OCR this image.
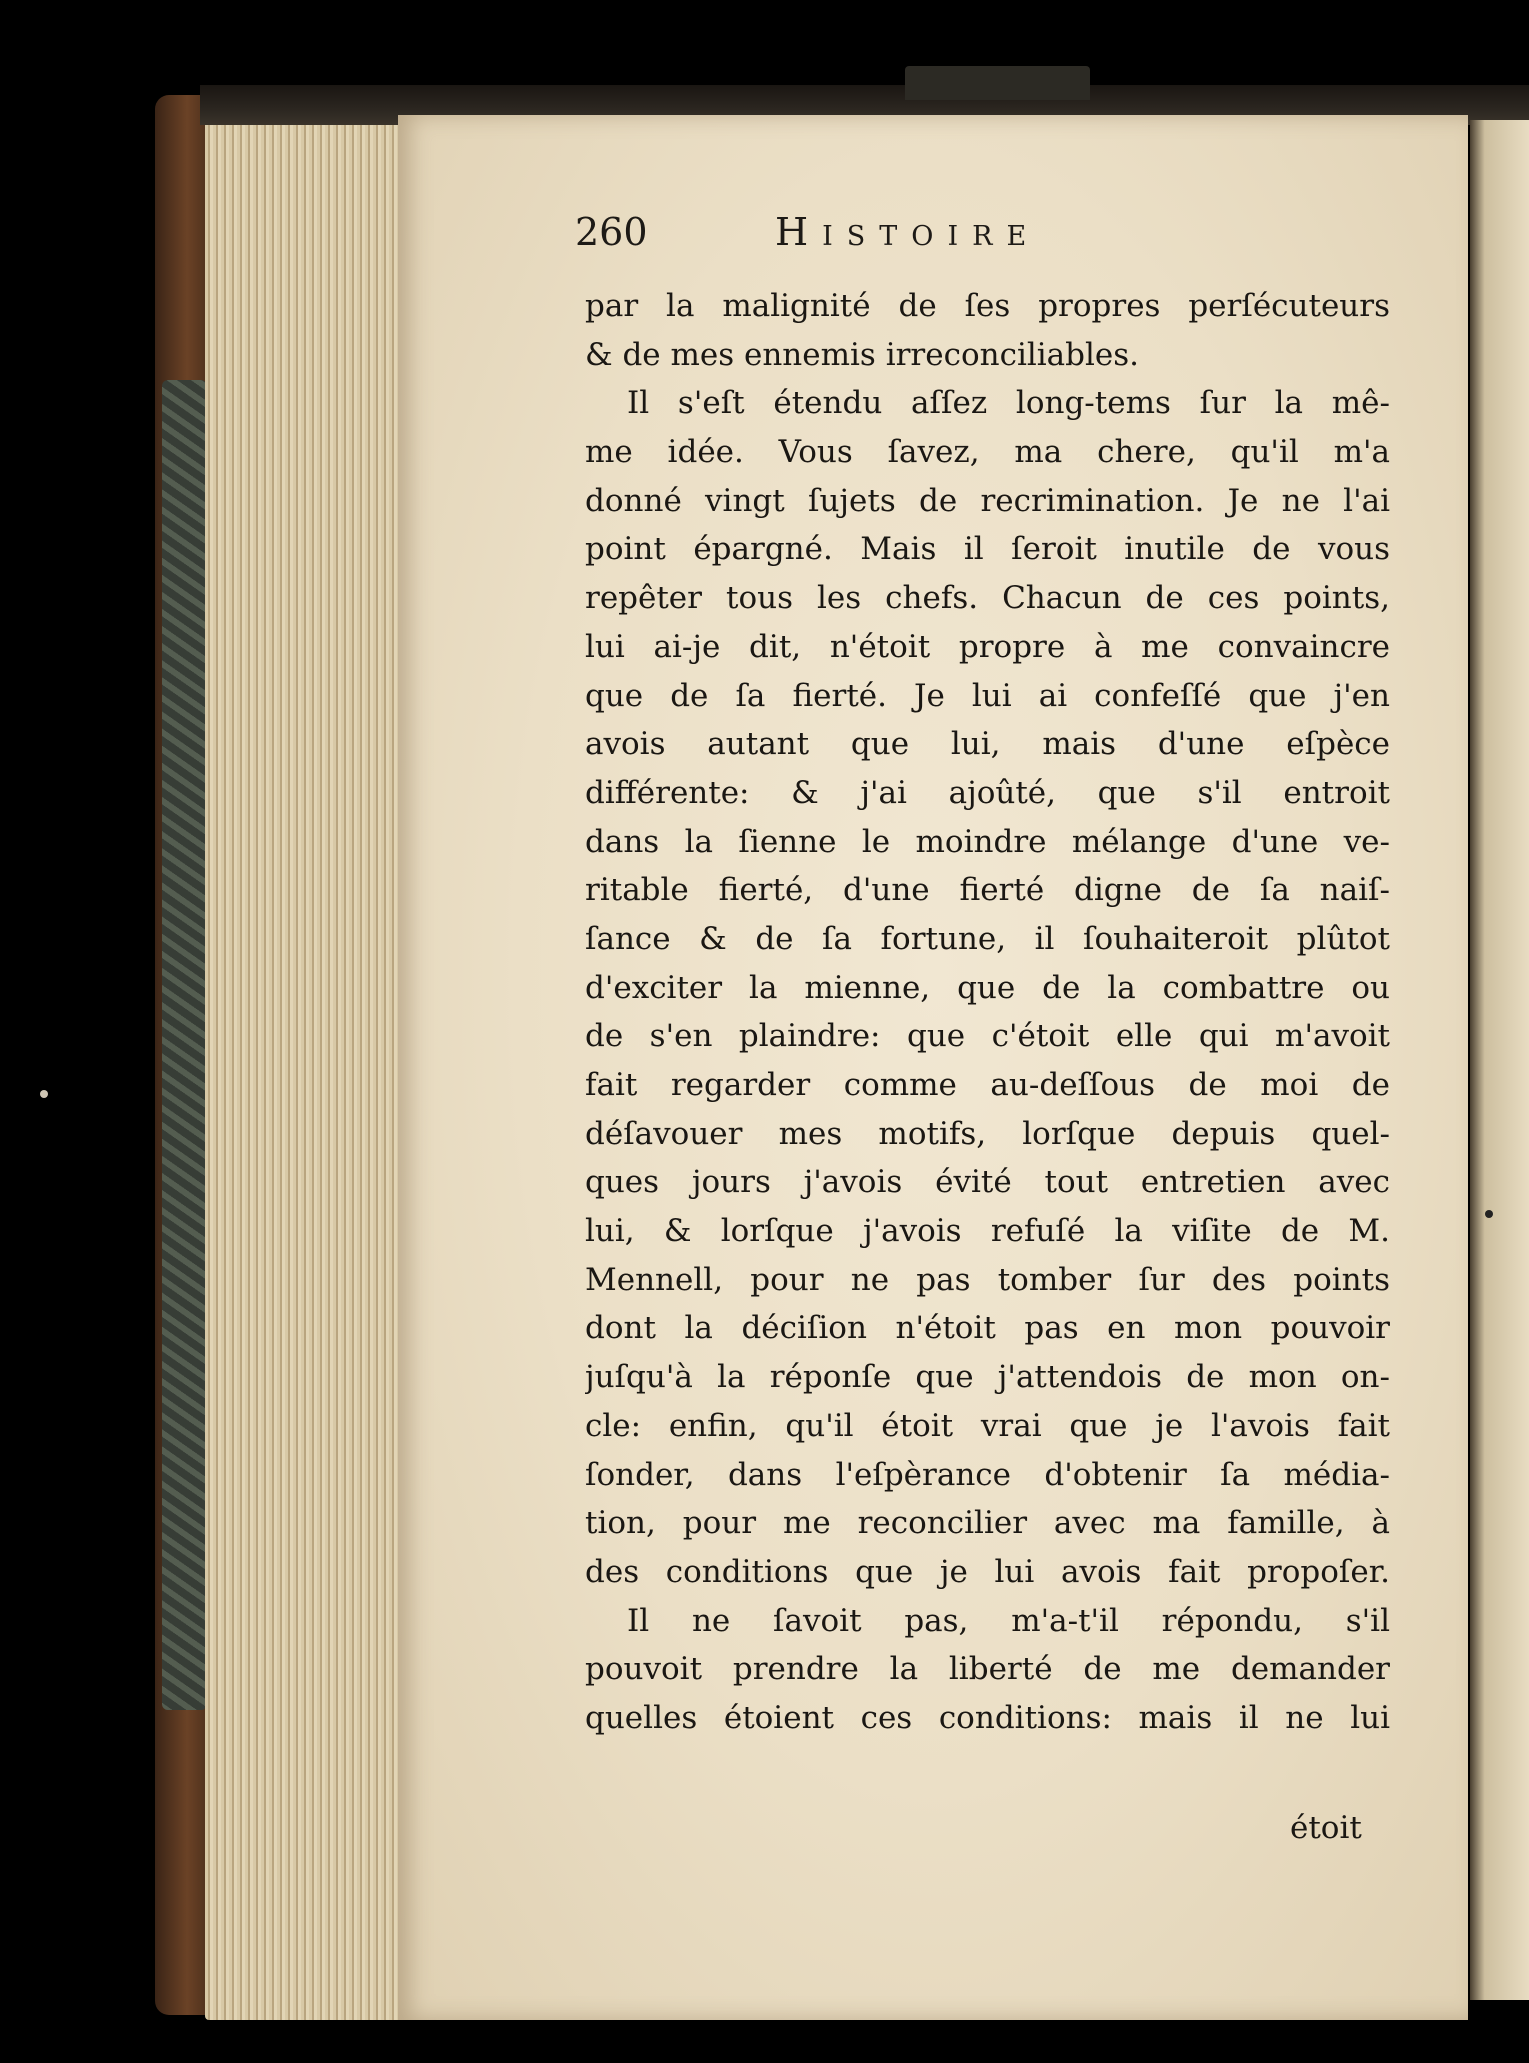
260	Histoire
par la malignité de ſes propres perſécuteurs
& de mes ennemis irreconciliables.
Il s'eſt étendu aſſez long-tems ſur la mê-
me idée. Vous ſavez, ma chere, qu'il m'a
donné vingt ſujets de recrimination. Je ne l'ai
point épargné. Mais il ſeroit inutile de vous
repêter tous les chefs. Chacun de ces points,
lui ai-je dit, n'étoit propre à me convaincre
que de ſa fierté. Je lui ai confeſſé que j'en
avois autant que lui, mais d'une eſpèce
différente: & j'ai ajoûté, que s'il entroit
dans la ſienne le moindre mélange d'une ve-
ritable fierté, d'une fierté digne de ſa naiſ-
ſance & de ſa fortune, il ſouhaiteroit plûtot
d'exciter la mienne, que de la combattre ou
de s'en plaindre: que c'étoit elle qui m'avoit
fait regarder comme au-deſſous de moi de
déſavouer mes motifs, lorſque depuis quel-
ques jours j'avois évité tout entretien avec
lui, & lorſque j'avois refuſé la viſite de M.
Mennell, pour ne pas tomber ſur des points
dont la déciſion n'étoit pas en mon pouvoir
juſqu'à la réponſe que j'attendois de mon on-
cle: enfin, qu'il étoit vrai que je l'avois fait
ſonder, dans l'eſpèrance d'obtenir ſa média-
tion, pour me reconcilier avec ma famille, à
des conditions que je lui avois fait propoſer.
Il ne ſavoit pas, m'a-t'il répondu, s'il
pouvoit prendre la liberté de me demander
quelles étoient ces conditions: mais il ne lui
étoit
